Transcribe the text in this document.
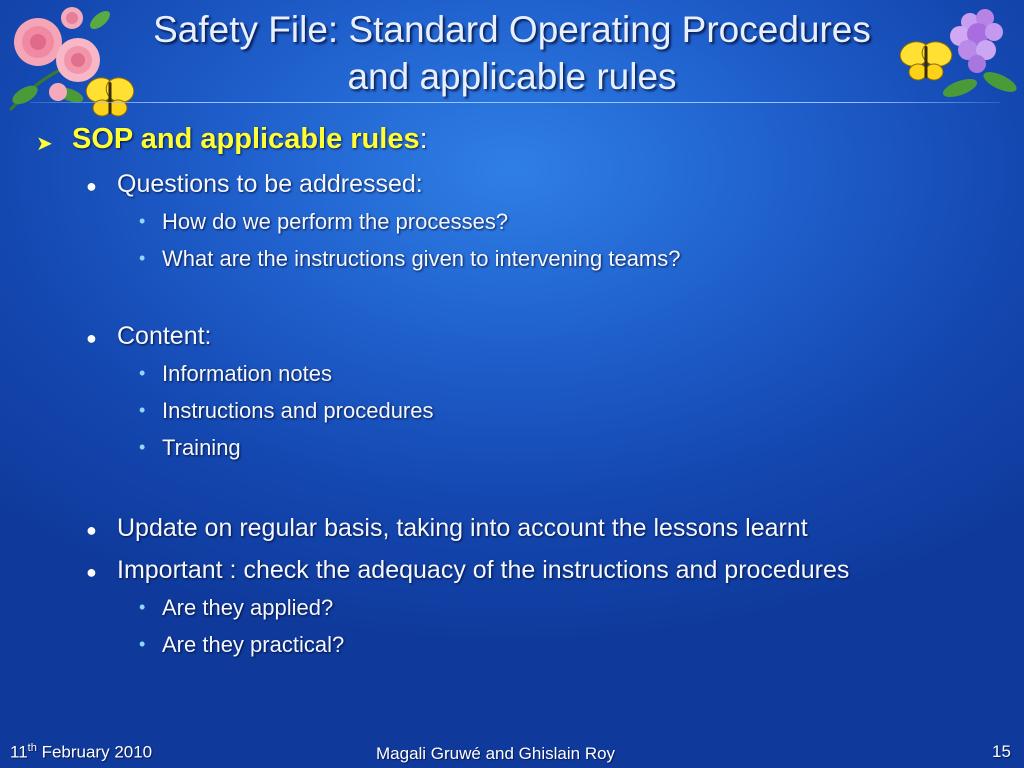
Safety File: Standard Operating Procedures
and applicable rules
➤ SOP and applicable rules:
● Questions to be addressed:
• How do we perform the processes?
• What are the instructions given to intervening teams?
● Content:
• Information notes
• Instructions and procedures
• Training
● Update on regular basis, taking into account the lessons learnt
● Important : check the adequacy of the instructions and procedures
• Are they applied?
• Are they practical?
11th February 2010	Magali Gruwé and Ghislain Roy	15
